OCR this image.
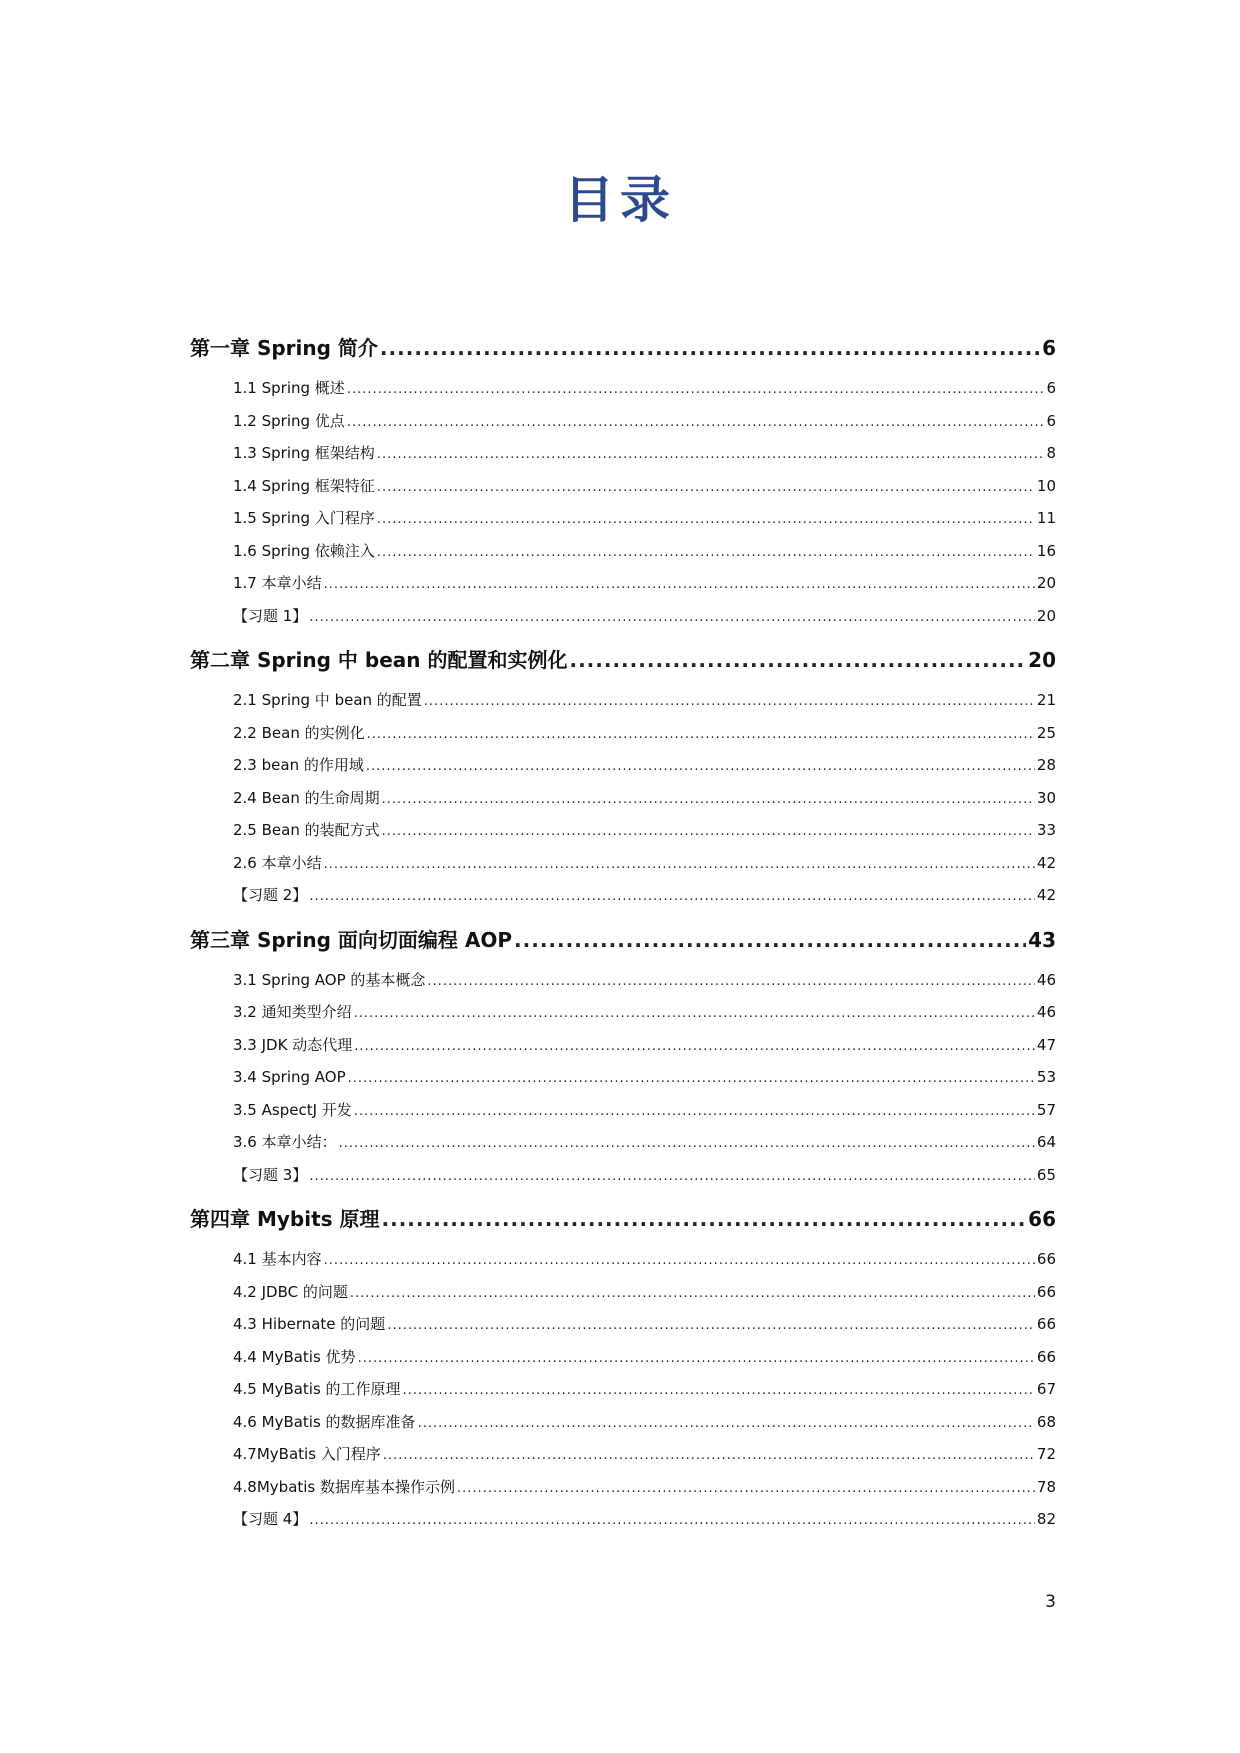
目录
第一章 Spring 简介 .....	6
1.1 Spring 概述 .....	6
1.2 Spring 优点 .....	6
1.3 Spring 框架结构 .....	8
1.4 Spring 框架特征 .....	10
1.5 Spring 入门程序 .....	11
1.6 Spring 依赖注入 .....	16
1.7 本章小结 .....	20
【习题 1】 .....	20
第二章 Spring 中 bean 的配置和实例化 .....	20
2.1 Spring 中 bean 的配置 .....	21
2.2 Bean 的实例化 .....	25
2.3 bean 的作用域 .....	28
2.4 Bean 的生命周期 .....	30
2.5 Bean 的装配方式 .....	33
2.6 本章小结 .....	42
【习题 2】 .....	42
第三章 Spring 面向切面编程 AOP .....	43
3.1 Spring AOP 的基本概念 .....	46
3.2 通知类型介绍 .....	46
3.3 JDK 动态代理 .....	47
3.4 Spring AOP .....	53
3.5 AspectJ 开发 .....	57
3.6 本章小结： .....	64
【习题 3】 .....	65
第四章 Mybits 原理 .....	66
4.1 基本内容 .....	66
4.2 JDBC 的问题 .....	66
4.3 Hibernate 的问题 .....	66
4.4 MyBatis 优势 .....	66
4.5 MyBatis 的工作原理 .....	67
4.6 MyBatis 的数据库准备 .....	68
4.7MyBatis 入门程序 .....	72
4.8Mybatis 数据库基本操作示例 .....	78
【习题 4】 .....	82
3
